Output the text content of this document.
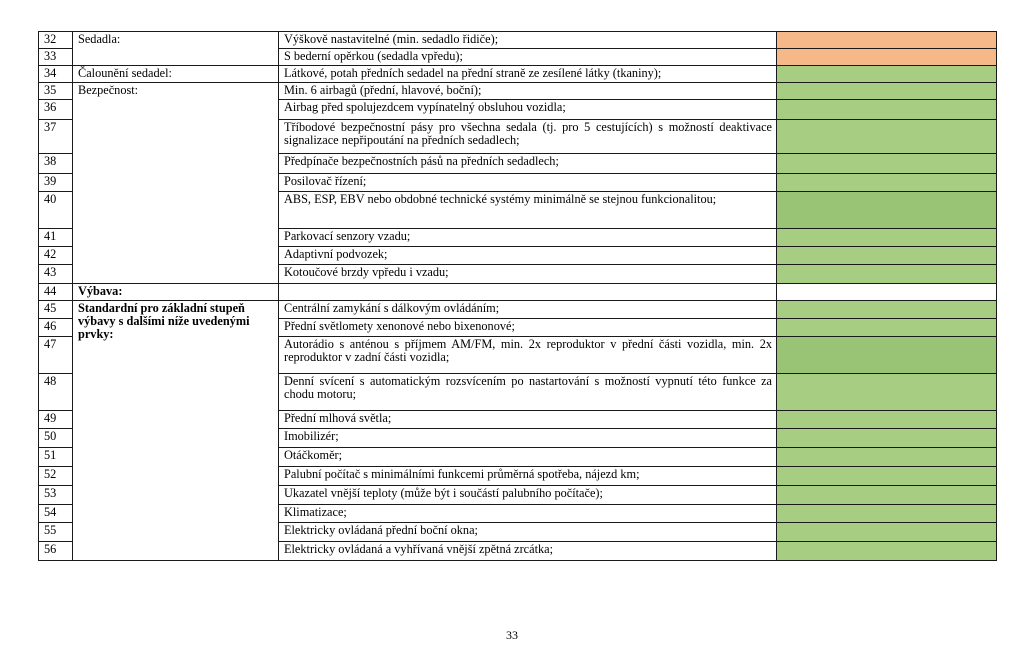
32	Sedadla:	Výškově nastavitelné (min. sedadlo řidiče);	
33		S bederní opěrkou (sedadla vpředu);	
34	Čalounění sedadel:	Látkové, potah předních sedadel na přední straně ze zesílené látky (tkaniny);	
35	Bezpečnost:	Min. 6 airbagů (přední, hlavové, boční);	
36		Airbag před spolujezdcem vypínatelný obsluhou vozidla;	
37		Tříbodové bezpečnostní pásy pro všechna sedala (tj. pro 5 cestujících) s možností deaktivace signalizace nepřipoutání na předních sedadlech;	
38		Předpínače bezpečnostních pásů na předních sedadlech;	
39		Posilovač řízení;	
40		ABS, ESP, EBV nebo obdobné technické systémy minimálně se stejnou funkcionalitou;	
41		Parkovací senzory vzadu;	
42		Adaptivní podvozek;	
43		Kotoučové brzdy vpředu i vzadu;	
44	Výbava:		
45	Standardní pro základní stupeň výbavy s dalšími níže uvedenými prvky:	Centrální zamykání s dálkovým ovládáním;	
46		Přední světlomety xenonové nebo bixenonové;	
47		Autorádio s anténou s příjmem AM/FM, min. 2x reproduktor v přední části vozidla, min. 2x reproduktor v zadní části vozidla;	
48		Denní svícení s automatickým rozsvícením po nastartování s možností vypnutí této funkce za chodu motoru;	
49		Přední mlhová světla;	
50		Imobilizér;	
51		Otáčkoměr;	
52		Palubní počítač s minimálními funkcemi průměrná spotřeba, nájezd km;	
53		Ukazatel vnější teploty (může být i součástí palubního počítače);	
54		Klimatizace;	
55		Elektricky ovládaná přední boční okna;	
56		Elektricky ovládaná a vyhřívaná vnější zpětná zrcátka;	
33
